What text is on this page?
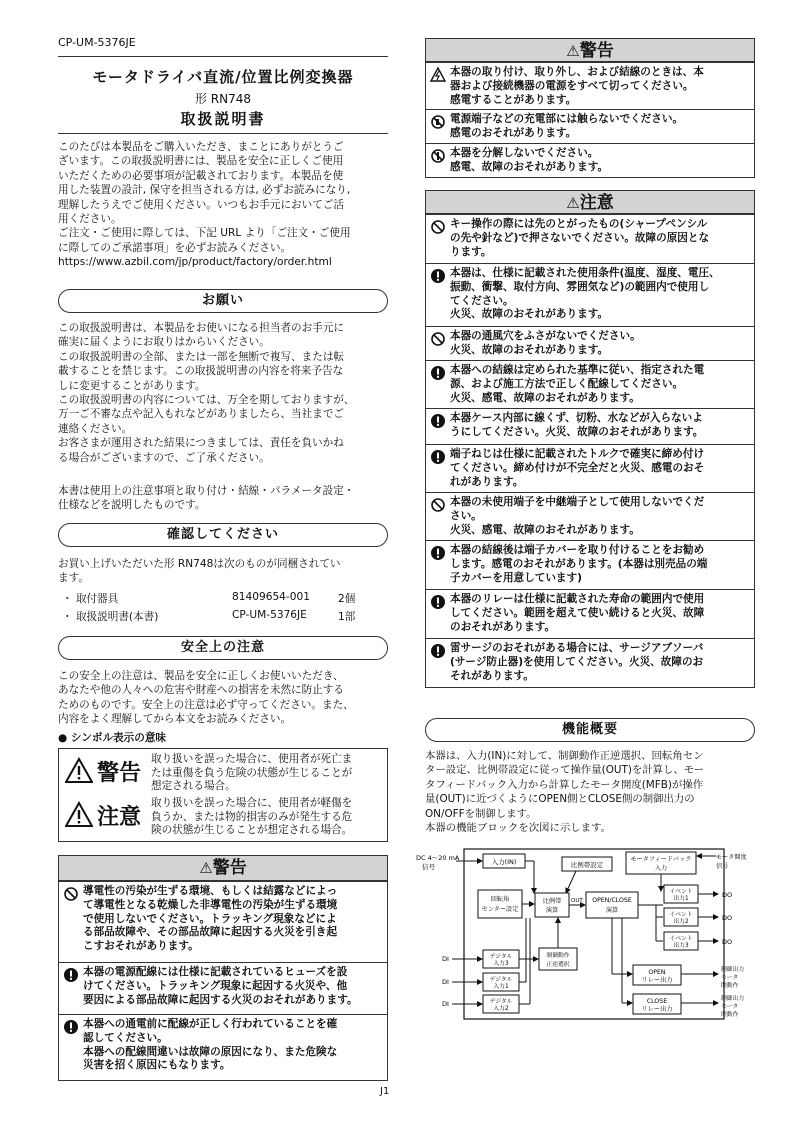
CP-UM-5376JE
モータドライバ直流/位置比例変換器
形 RN748
取扱説明書
このたびは本製品をご購入いただき、まことにありがとうご
ざいます。この取扱説明書には、製品を安全に正しくご使用
いただくための必要事項が記載されております。本製品を使
用した装置の設計, 保守を担当される方は, 必ずお読みになり,
理解したうえでご使用ください。いつもお手元においてご活
用ください。
ご注文・ご使用に際しては、下記 URL より「ご注文・ご使用
に際してのご承諾事項」を必ずお読みください。
https://www.azbil.com/jp/product/factory/order.html
お願い
この取扱説明書は、本製品をお使いになる担当者のお手元に
確実に届くようにお取りはからいください。
この取扱説明書の全部、または一部を無断で複写、または転
載することを禁じます。この取扱説明書の内容を将来予告な
しに変更することがあります。
この取扱説明書の内容については、万全を期しておりますが、
万一ご不審な点や記入もれなどがありましたら、当社までご
連絡ください。
お客さまが運用された結果につきましては、責任を負いかね
る場合がございますので、ご了承ください。
本書は使用上の注意事項と取り付け・結線・パラメータ設定・
仕様などを説明したものです。
確認してください
お買い上げいただいた形 RN748は次のものが同梱されてい
ます。
・ 取付器具	81409654-001	2個
・ 取扱説明書(本書)	CP-UM-5376JE	1部
安全上の注意
この安全上の注意は、製品を安全に正しくお使いいただき、
あなたや他の人々への危害や財産への損害を未然に防止する
ためのものです。安全上の注意は必ず守ってください。また、
内容をよく理解してから本文をお読みください。
● シンボル表示の意味
警告
取り扱いを誤った場合に、使用者が死亡ま
たは重傷を負う危険の状態が生じることが
想定される場合。
注意
取り扱いを誤った場合に、使用者が軽傷を
負うか、または物的損害のみが発生する危
険の状態が生じることが想定される場合。
⚠警告
導電性の汚染が生ずる環境、もしくは結露などによっ
て導電性となる乾燥した非導電性の汚染が生ずる環境
で使用しないでください。トラッキング現象などによ
る部品故障や、その部品故障に起因する火災を引き起
こすおそれがあります。
本器の電源配線には仕様に記載されているヒューズを設
けてください。トラッキング現象に起因する火災や、他
要因による部品故障に起因する火災のおそれがあります。
本器への通電前に配線が正しく行われていることを確
認してください。
本器への配線間違いは故障の原因になり、また危険な
災害を招く原因にもなります。
⚠警告
本器の取り付け、取り外し、および結線のときは、本
器および接続機器の電源をすべて切ってください。
感電することがあります。
電源端子などの充電部には触らないでください。
感電のおそれがあります。
本器を分解しないでください。
感電、故障のおそれがあります。
⚠注意
キー操作の際には先のとがったもの(シャープペンシル
の先や針など)で押さないでください。故障の原因とな
ります。
本器は、仕様に記載された使用条件(温度、湿度、電圧、
振動、衝撃、取付方向、雰囲気など)の範囲内で使用し
てください。
火災、故障のおそれがあります。
本器の通風穴をふさがないでください。
火災、故障のおそれがあります。
本器への結線は定められた基準に従い、指定された電
源、および施工方法で正しく配線してください。
火災、感電、故障のおそれがあります。
本器ケース内部に線くず、切粉、水などが入らないよ
うにしてください。火災、故障のおそれがあります。
端子ねじは仕様に記載されたトルクで確実に締め付け
てください。締め付けが不完全だと火災、感電のおそ
れがあります。
本器の未使用端子を中継端子として使用しないでくだ
さい。
火災、感電、故障のおそれがあります。
本器の結線後は端子カバーを取り付けることをお勧め
します。感電のおそれがあります。(本器は別売品の端
子カバーを用意しています)
本器のリレーは仕様に記載された寿命の範囲内で使用
してください。範囲を超えて使い続けると火災、故障
のおそれがあります。
雷サージのおそれがある場合には、サージアブソーバ
(サージ防止器)を使用してください。火災、故障のお
それがあります。
機能概要
本器は、入力(IN)に対して、制御動作正逆選択、回転角セン
ター設定、比例帯設定に従って操作量(OUT)を計算し、モー
タフィードバック入力から計算したモータ開度(MFB)が操作
量(OUT)に近づくようにOPEN側とCLOSE側の制御出力の
ON/OFFを制御します。
本器の機能ブロックを次図に示します。
DC 4～20 mA
信号
入力(IN)	比例帯設定
モータフィードバック
入力
モータ開度
信号
回転角
センター設定
比例帯
演算
OUT OPEN/CLOSE
演算
イベント
出力1
イベント
出力2
イベント
出力3
DO
DO
DO
DI
DI
DI
デジタル
入力3
デジタル
入力1
デジタル
入力2
制御動作
正逆選択
OPEN
リレー出力
CLOSE
リレー出力
制御出力
モータ
開動作
制御出力
モータ
閉動作
J1
